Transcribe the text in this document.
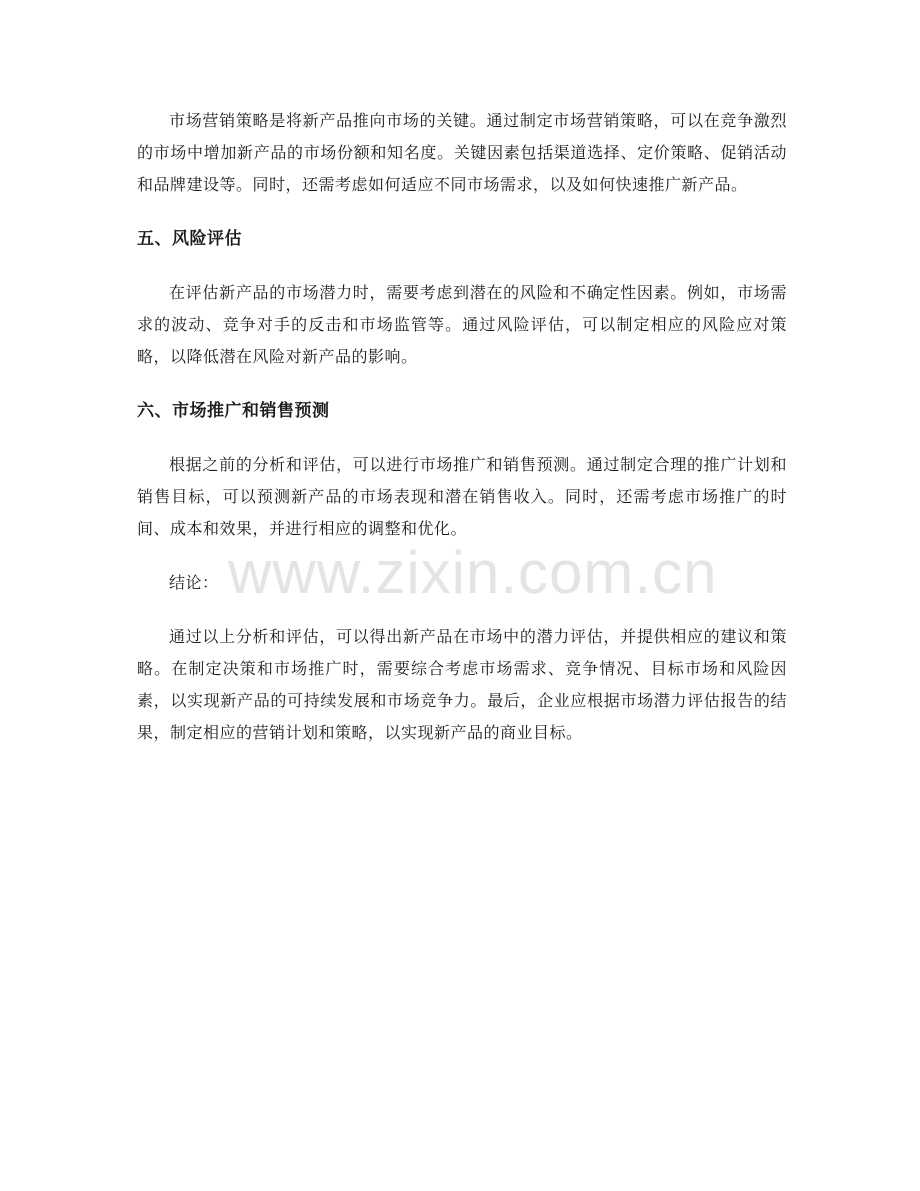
www.zixin.com.cn

市场营销策略是将新产品推向市场的关键。通过制定市场营销策略，可以在竞争激烈的市场中增加新产品的市场份额和知名度。关键因素包括渠道选择、定价策略、促销活动和品牌建设等。同时，还需考虑如何适应不同市场需求，以及如何快速推广新产品。

五、风险评估

在评估新产品的市场潜力时，需要考虑到潜在的风险和不确定性因素。例如，市场需求的波动、竞争对手的反击和市场监管等。通过风险评估，可以制定相应的风险应对策略，以降低潜在风险对新产品的影响。

六、市场推广和销售预测

根据之前的分析和评估，可以进行市场推广和销售预测。通过制定合理的推广计划和销售目标，可以预测新产品的市场表现和潜在销售收入。同时，还需考虑市场推广的时间、成本和效果，并进行相应的调整和优化。

结论：

通过以上分析和评估，可以得出新产品在市场中的潜力评估，并提供相应的建议和策略。在制定决策和市场推广时，需要综合考虑市场需求、竞争情况、目标市场和风险因素，以实现新产品的可持续发展和市场竞争力。最后，企业应根据市场潜力评估报告的结果，制定相应的营销计划和策略，以实现新产品的商业目标。
